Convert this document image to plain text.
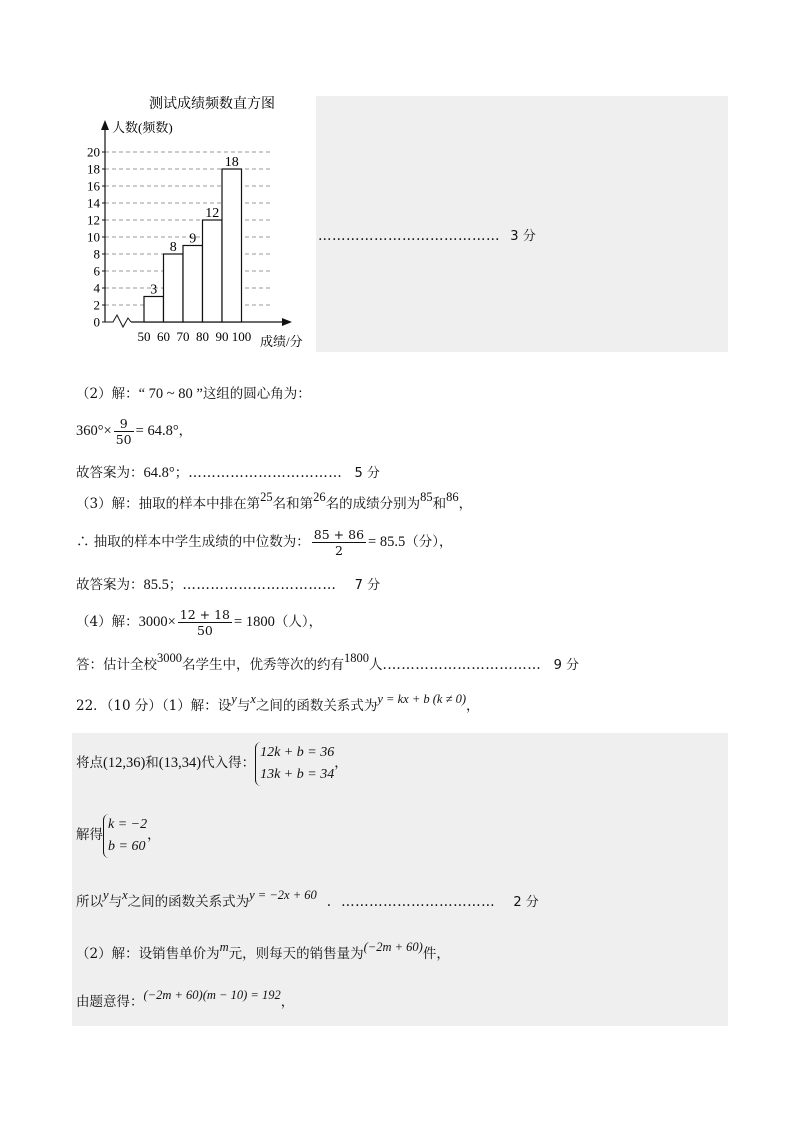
测试成绩频数直方图
人数(频数)
成绩/分
0
2
4
6
8
10
12
14
16
18
20
50 60 70 80 90 100
3
8
9
12
18
………………………………… 3 分
（2）解：“ 70 ~ 80 ”这组的圆心角为：
$360^\circ\times \frac{9}{50} = 64.8^\circ$，
故答案为：64.8°；…………………………… 5 分
（3）解：抽取的样本中排在第25名和第26名的成绩分别为85和86，
∴ 抽取的样本中学生成绩的中位数为： $\frac{85 + 86}{2} = 85.5$（分），
故答案为：85.5；…………………………… 7 分
（4）解：$3000\times \frac{12 + 18}{50} = 1800$（人），
答：估计全校3000名学生中，优秀等次的约有1800人.…………………………… 9 分
22．（10 分）（1）解：设y与x之间的函数关系式为y = kx + b (k ≠ 0)，
将点(12,36)和(13,34)代入得：
12k + b = 36
13k + b = 34
，
解得
k = −2
b = 60
，
所以y与x之间的函数关系式为y = −2x + 60 . …………………………… 2 分
（2）解：设销售单价为m元，则每天的销售量为(−2m + 60)件，
由题意得：(−2m + 60)(m − 10) = 192，
